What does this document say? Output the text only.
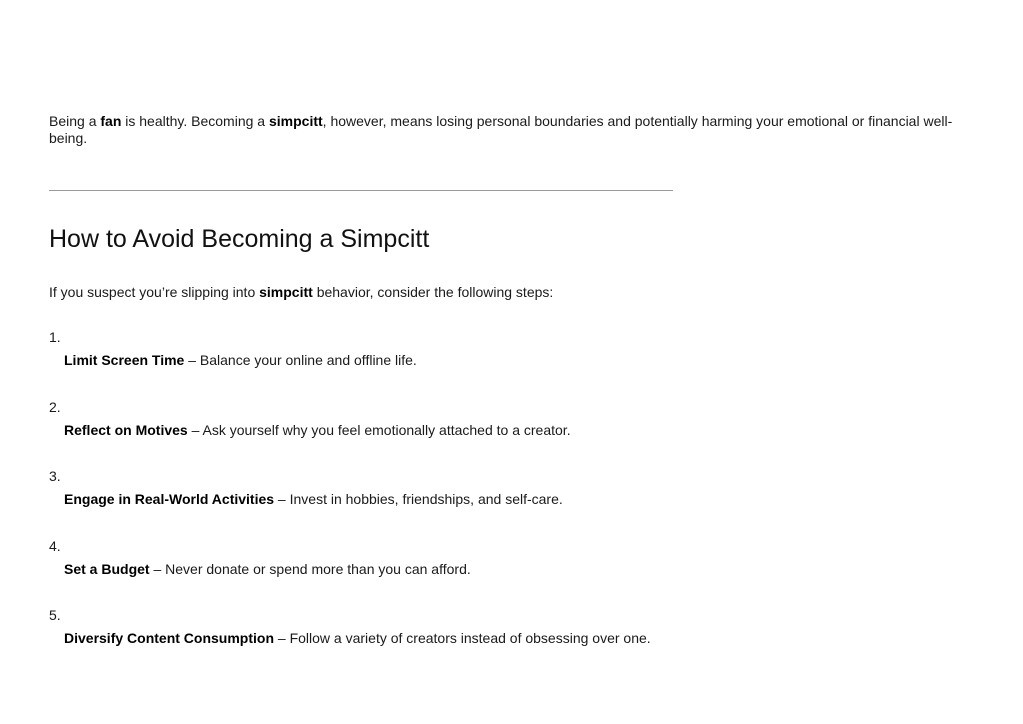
Being a fan is healthy. Becoming a simpcitt, however, means losing personal boundaries and potentially harming your emotional or financial well-being.

How to Avoid Becoming a Simpcitt

If you suspect you’re slipping into simpcitt behavior, consider the following steps:

1.
Limit Screen Time – Balance your online and offline life.
2.
Reflect on Motives – Ask yourself why you feel emotionally attached to a creator.
3.
Engage in Real-World Activities – Invest in hobbies, friendships, and self-care.
4.
Set a Budget – Never donate or spend more than you can afford.
5.
Diversify Content Consumption – Follow a variety of creators instead of obsessing over one.
